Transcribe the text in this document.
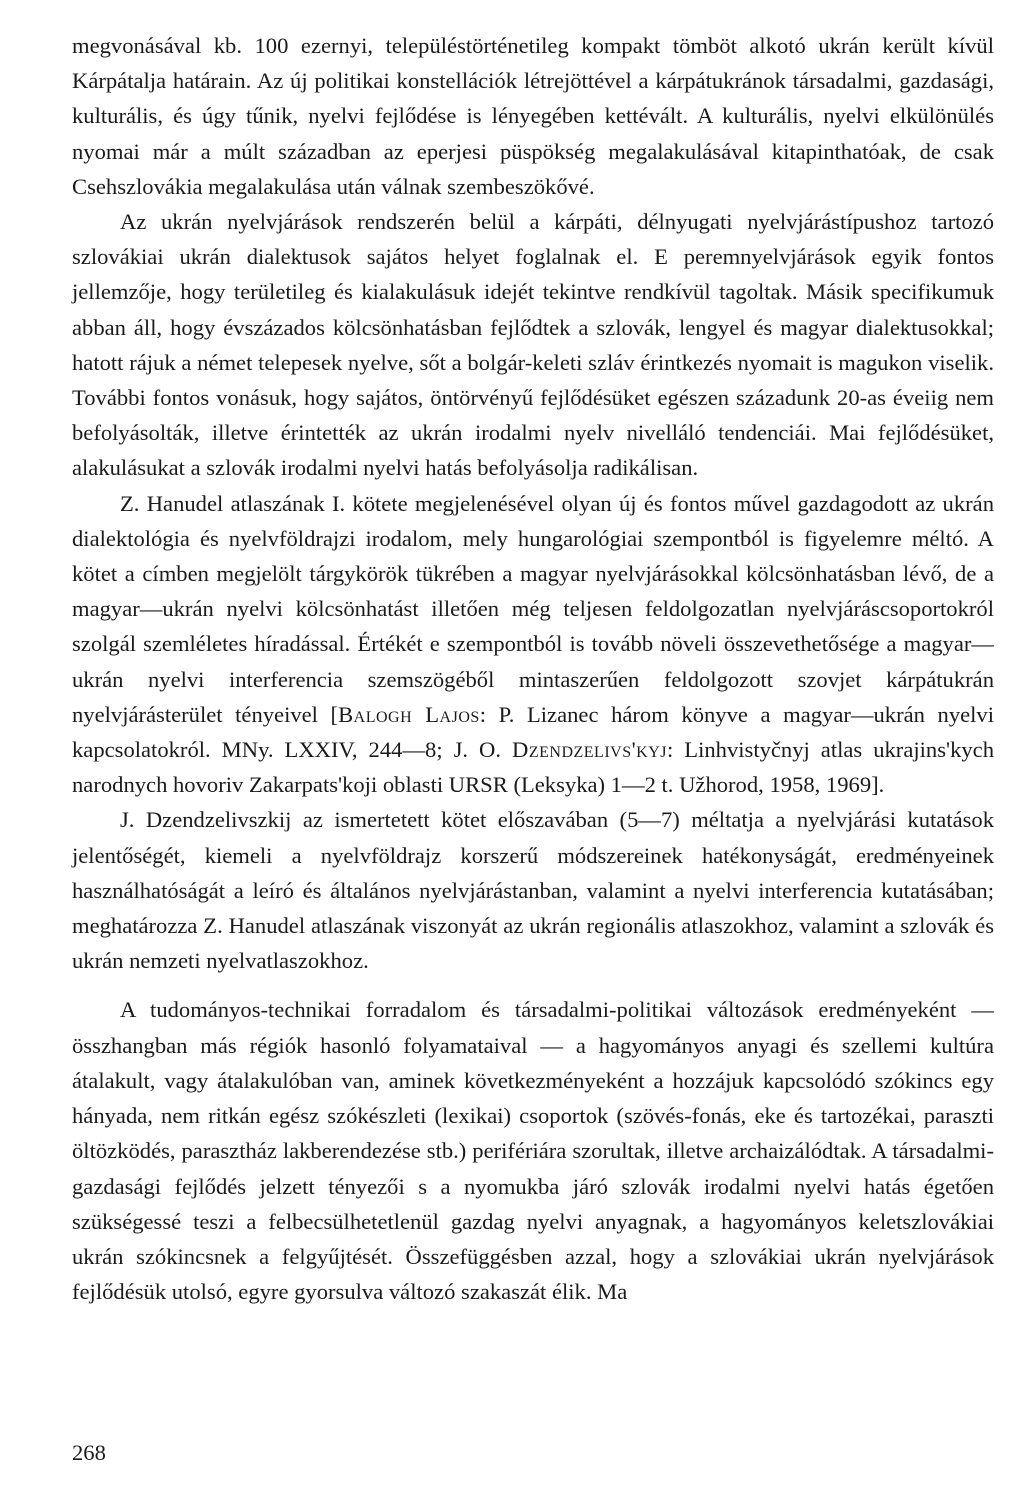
megvonásával kb. 100 ezernyi, településtörténetileg kompakt tömböt alkotó ukrán került kívül Kárpátalja határain. Az új politikai konstellációk létrejöttével a kárpátukránok társadalmi, gazdasági, kulturális, és úgy tűnik, nyelvi fejlődése is lényegében kettévált. A kulturális, nyelvi elkülönülés nyomai már a múlt században az eperjesi püspökség megalakulásával kitapinthatóak, de csak Csehszlovákia megalakulása után válnak szembeszökővé.

Az ukrán nyelvjárások rendszerén belül a kárpáti, délnyugati nyelvjárástípushoz tartozó szlovákiai ukrán dialektusok sajátos helyet foglalnak el. E peremnyelvjárások egyik fontos jellemzője, hogy területileg és kialakulásuk idejét tekintve rendkívül tagoltak. Másik specifikumuk abban áll, hogy évszázados kölcsönhatásban fejlődtek a szlovák, lengyel és magyar dialektusokkal; hatott rájuk a német telepesek nyelve, sőt a bolgár-keleti szláv érintkezés nyomait is magukon viselik. További fontos vonásuk, hogy sajátos, öntörvényű fejlődésüket egészen századunk 20-as éveiig nem befolyásolták, illetve érintették az ukrán irodalmi nyelv nivelláló tendenciái. Mai fejlődésüket, alakulásukat a szlovák irodalmi nyelvi hatás befolyásolja radikálisan.

Z. Hanudel atlaszának I. kötete megjelenésével olyan új és fontos művel gazdagodott az ukrán dialektológia és nyelvföldrajzi irodalom, mely hungarológiai szempontból is figyelemre méltó. A kötet a címben megjelölt tárgykörök tükrében a magyar nyelvjárásokkal kölcsönhatásban lévő, de a magyar—ukrán nyelvi kölcsönhatást illetően még teljesen feldolgozatlan nyelvjáráscsoportokról szolgál szemléletes híradással. Értékét e szempontból is tovább növeli összevethetősége a magyar—ukrán nyelvi interferencia szemszögéből mintaszerűen feldolgozott szovjet kárpátukrán nyelvjárásterület tényeivel [Balogh Lajos: P. Lizanec három könyve a magyar—ukrán nyelvi kapcsolatokról. MNy. LXXIV, 244—8; J. O. Dzendzelivs'kyj: Linhvistyčnyj atlas ukrajins'kych narodnych hovoriv Zakarpats'koji oblasti URSR (Leksyka) 1—2 t. Užhorod, 1958, 1969].

J. Dzendzelivszkij az ismertetett kötet előszavában (5—7) méltatja a nyelvjárási kutatások jelentőségét, kiemeli a nyelvföldrajz korszerű módszereinek hatékonyságát, eredményeinek használhatóságát a leíró és általános nyelvjárástanban, valamint a nyelvi interferencia kutatásában; meghatározza Z. Hanudel atlaszának viszonyát az ukrán regionális atlaszokhoz, valamint a szlovák és ukrán nemzeti nyelvatlaszokhoz.

A tudományos-technikai forradalom és társadalmi-politikai változások eredményeként — összhangban más régiók hasonló folyamataival — a hagyományos anyagi és szellemi kultúra átalakult, vagy átalakulóban van, aminek következményeként a hozzájuk kapcsolódó szókincs egy hányada, nem ritkán egész szókészleti (lexikai) csoportok (szövés-fonás, eke és tartozékai, paraszti öltözködés, parasztház lakberendezése stb.) perifériára szorultak, illetve archaizálódtak. A társadalmi-gazdasági fejlődés jelzett tényezői s a nyomukba járó szlovák irodalmi nyelvi hatás égetően szükségessé teszi a felbecsülhetetlenül gazdag nyelvi anyagnak, a hagyományos keletszlovákiai ukrán szókincsnek a felgyűjtését. Összefüggésben azzal, hogy a szlovákiai ukrán nyelvjárások fejlődésük utolsó, egyre gyorsulva változó szakaszát élik. Ma

268
